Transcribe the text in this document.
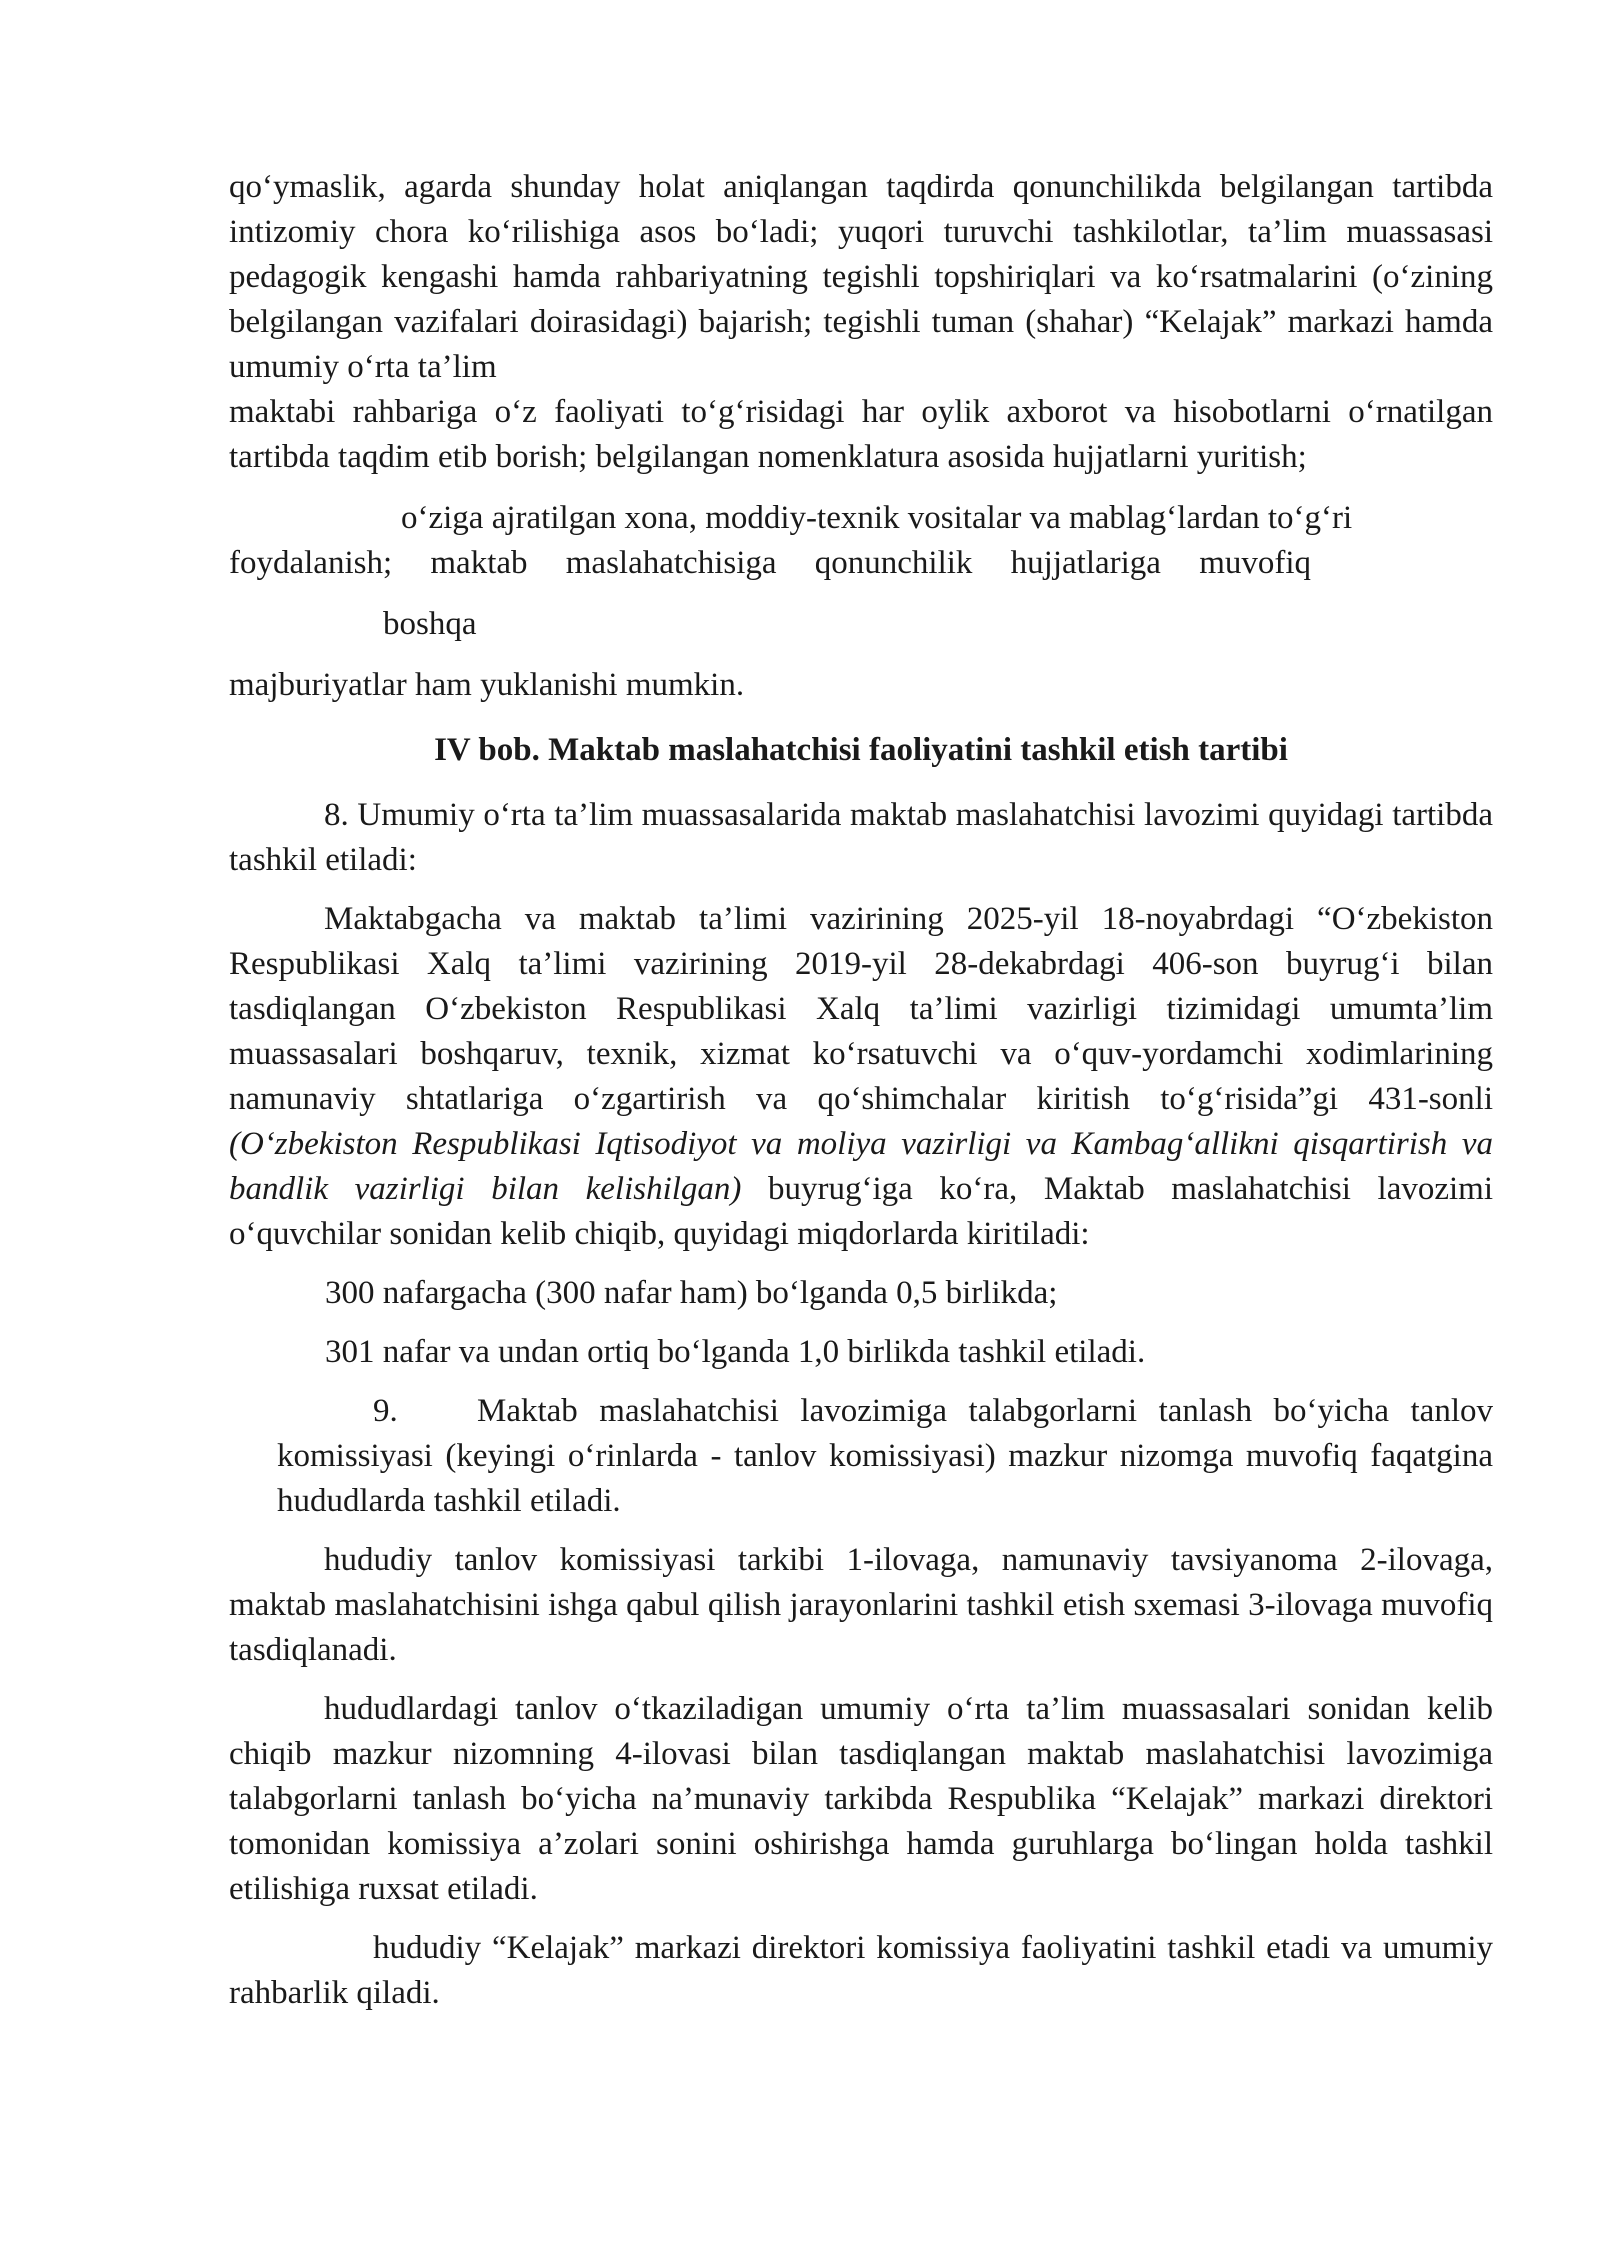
qo‘ymaslik, agarda shunday holat aniqlangan taqdirda qonunchilikda belgilangan tartibda intizomiy chora ko‘rilishiga asos bo‘ladi; yuqori turuvchi tashkilotlar, ta’lim muassasasi pedagogik kengashi hamda rahbariyatning tegishli topshiriqlari va ko‘rsatmalarini (o‘zining belgilangan vazifalari doirasidagi) bajarish; tegishli tuman (shahar) “Kelajak” markazi hamda umumiy o‘rta ta’lim

maktabi rahbariga o‘z faoliyati to‘g‘risidagi har oylik axborot va hisobotlarni o‘rnatilgan tartibda taqdim etib borish; belgilangan nomenklatura asosida hujjatlarni yuritish;

o‘ziga ajratilgan xona, moddiy-texnik vositalar va mablag‘lardan to‘g‘ri

foydalanish; maktab maslahatchisiga qonunchilik hujjatlariga muvofiq

boshqa

majburiyatlar ham yuklanishi mumkin.

IV bob. Maktab maslahatchisi faoliyatini tashkil etish tartibi

8. Umumiy o‘rta ta’lim muassasalarida maktab maslahatchisi lavozimi quyidagi tartibda tashkil etiladi:

Maktabgacha va maktab ta’limi vazirining 2025-yil 18-noyabrdagi “O‘zbekiston Respublikasi Xalq ta’limi vazirining 2019-yil 28-dekabrdagi 406-son buyrug‘i bilan tasdiqlangan O‘zbekiston Respublikasi Xalq ta’limi vazirligi tizimidagi umumta’lim muassasalari boshqaruv, texnik, xizmat ko‘rsatuvchi va o‘quv-yordamchi xodimlarining namunaviy shtatlariga o‘zgartirish va qo‘shimchalar kiritish to‘g‘risida”gi 431-sonli (O‘zbekiston Respublikasi Iqtisodiyot va moliya vazirligi va Kambag‘allikni qisqartirish va bandlik vazirligi bilan kelishilgan) buyrug‘iga ko‘ra, Maktab maslahatchisi lavozimi o‘quvchilar sonidan kelib chiqib, quyidagi miqdorlarda kiritiladi:

300 nafargacha (300 nafar ham) bo‘lganda 0,5 birlikda;

301 nafar va undan ortiq bo‘lganda 1,0 birlikda tashkil etiladi.

9. Maktab maslahatchisi lavozimiga talabgorlarni tanlash bo‘yicha tanlov komissiyasi (keyingi o‘rinlarda - tanlov komissiyasi) mazkur nizomga muvofiq faqatgina hududlarda tashkil etiladi.

hududiy tanlov komissiyasi tarkibi 1-ilovaga, namunaviy tavsiyanoma 2-ilovaga, maktab maslahatchisini ishga qabul qilish jarayonlarini tashkil etish sxemasi 3-ilovaga muvofiq tasdiqlanadi.

hududlardagi tanlov o‘tkaziladigan umumiy o‘rta ta’lim muassasalari sonidan kelib chiqib mazkur nizomning 4-ilovasi bilan tasdiqlangan maktab maslahatchisi lavozimiga talabgorlarni tanlash bo‘yicha na’munaviy tarkibda Respublika “Kelajak” markazi direktori tomonidan komissiya a’zolari sonini oshirishga hamda guruhlarga bo‘lingan holda tashkil etilishiga ruxsat etiladi.

hududiy “Kelajak” markazi direktori komissiya faoliyatini tashkil etadi va umumiy rahbarlik qiladi.
